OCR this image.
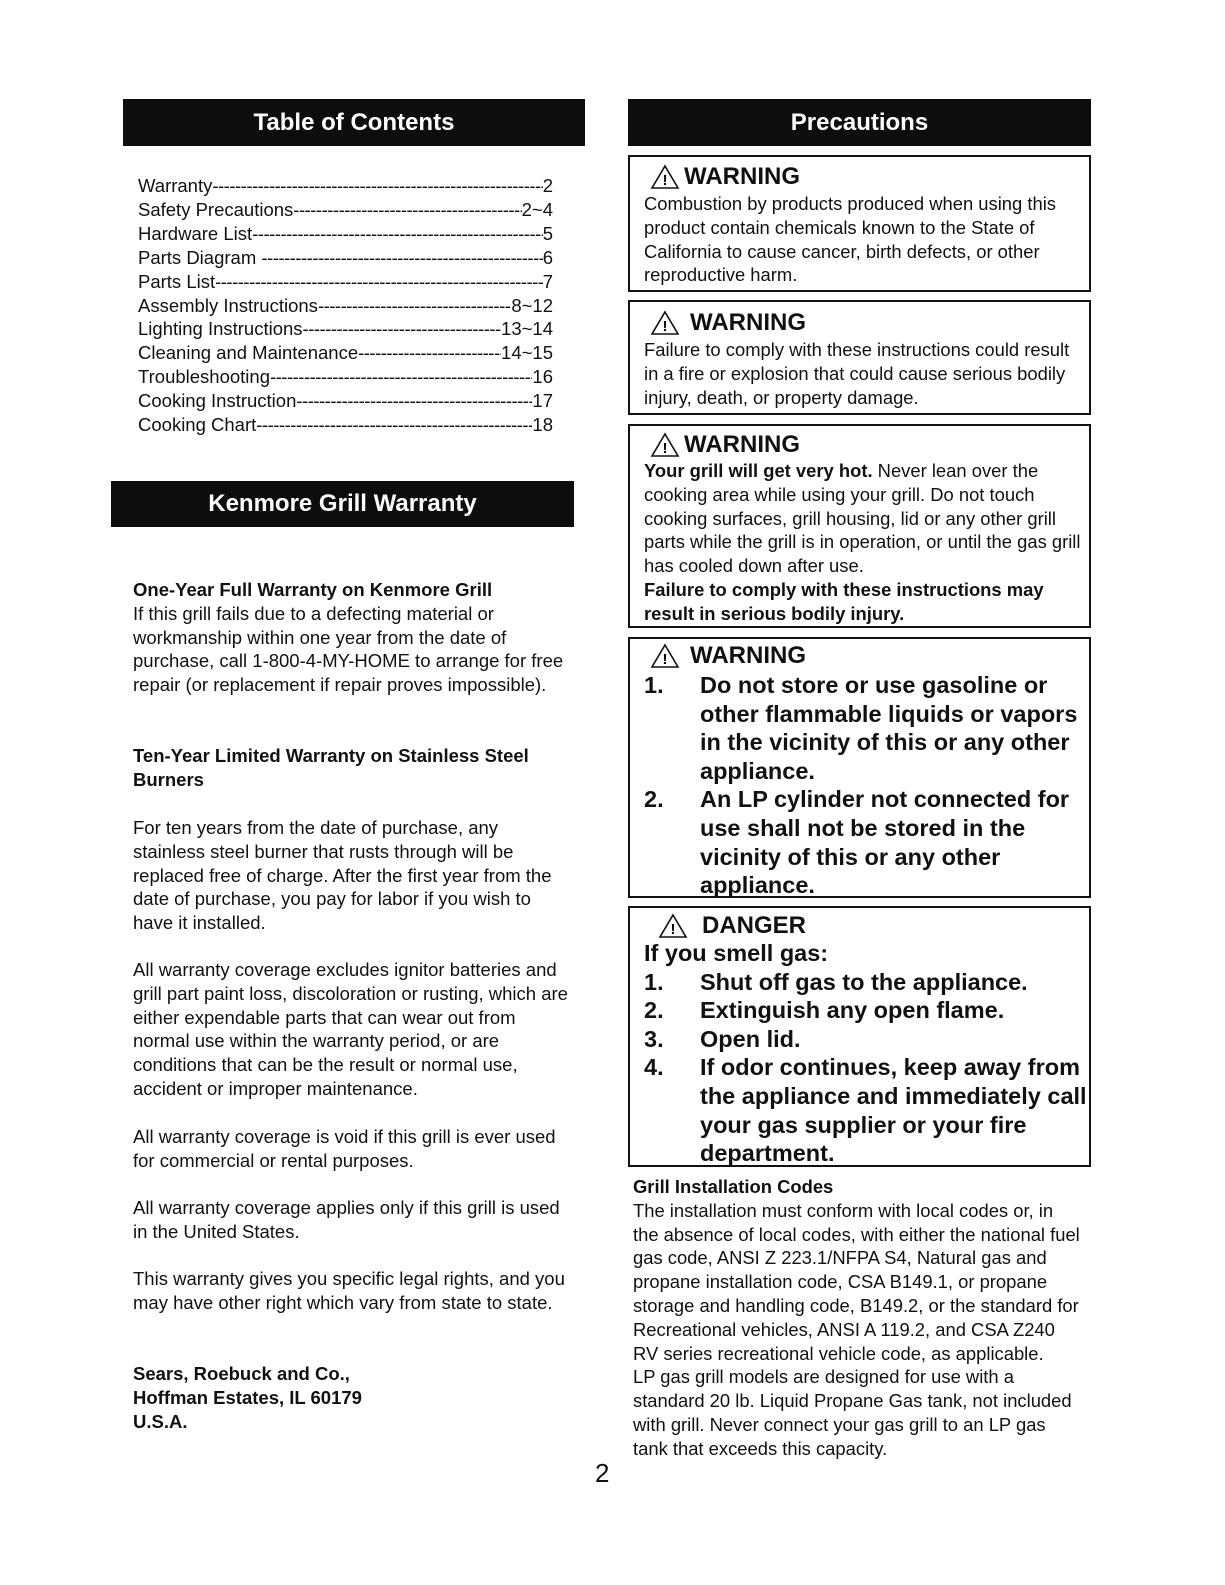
Table of Contents
Warranty -----	2
Safety Precautions -----	2~4
Hardware List -----	5
Parts Diagram -----	6
Parts List -----	7
Assembly Instructions -----	8~12
Lighting Instructions -----	13~14
Cleaning and Maintenance -----	14~15
Troubleshooting -----	16
Cooking Instruction -----	17
Cooking Chart -----	18
Kenmore Grill Warranty

One-Year Full Warranty on Kenmore Grill

If this grill fails due to a defecting material or workmanship within one year from the date of purchase, call 1-800-4-MY-HOME to arrange for free repair (or replacement if repair proves impossible).

Ten-Year Limited Warranty on Stainless Steel Burners

For ten years from the date of purchase, any stainless steel burner that rusts through will be replaced free of charge. After the first year from the date of purchase, you pay for labor if you wish to have it installed.
All warranty coverage excludes ignitor batteries and grill part paint loss, discoloration or rusting, which are either expendable parts that can wear out from normal use within the warranty period, or are conditions that can be the result or normal use, accident or improper maintenance.
All warranty coverage is void if this grill is ever used for commercial or rental purposes.
All warranty coverage applies only if this grill is used in the United States.
This warranty gives you specific legal rights, and you may have other right which vary from state to state.

Sears, Roebuck and Co.,

Hoffman Estates, IL 60179

U.S.A.

Precautions
! WARNING
Combustion by products produced when using this product contain chemicals known to the State of California to cause cancer, birth defects, or other reproductive harm.
! WARNING
Failure to comply with these instructions could result in a fire or explosion that could cause serious bodily injury, death, or property damage.
! WARNING
Your grill will get very hot. Never lean over the cooking area while using your grill. Do not touch cooking surfaces, grill housing, lid or any other grill parts while the grill is in operation, or until the gas grill has cooled down after use.
Failure to comply with these instructions may result in serious bodily injury.
! WARNING
1.	Do not store or use gasoline or other flammable liquids or vapors in the vicinity of this or any other appliance.
2.	An LP cylinder not connected for use shall not be stored in the vicinity of this or any other appliance.
! DANGER
If you smell gas:
1.	Shut off gas to the appliance.
2.	Extinguish any open flame.
3.	Open lid.
4.	If odor continues, keep away from the appliance and immediately call your gas supplier or your fire department.
Grill Installation Codes
The installation must conform with local codes or, in the absence of local codes, with either the national fuel gas code, ANSI Z 223.1/NFPA S4, Natural gas and propane installation code, CSA B149.1, or propane storage and handling code, B149.2, or the standard for Recreational vehicles, ANSI A 119.2, and CSA Z240 RV series recreational vehicle code, as applicable.
LP gas grill models are designed for use with a standard 20 lb. Liquid Propane Gas tank, not included with grill. Never connect your gas grill to an LP gas tank that exceeds this capacity.
2
